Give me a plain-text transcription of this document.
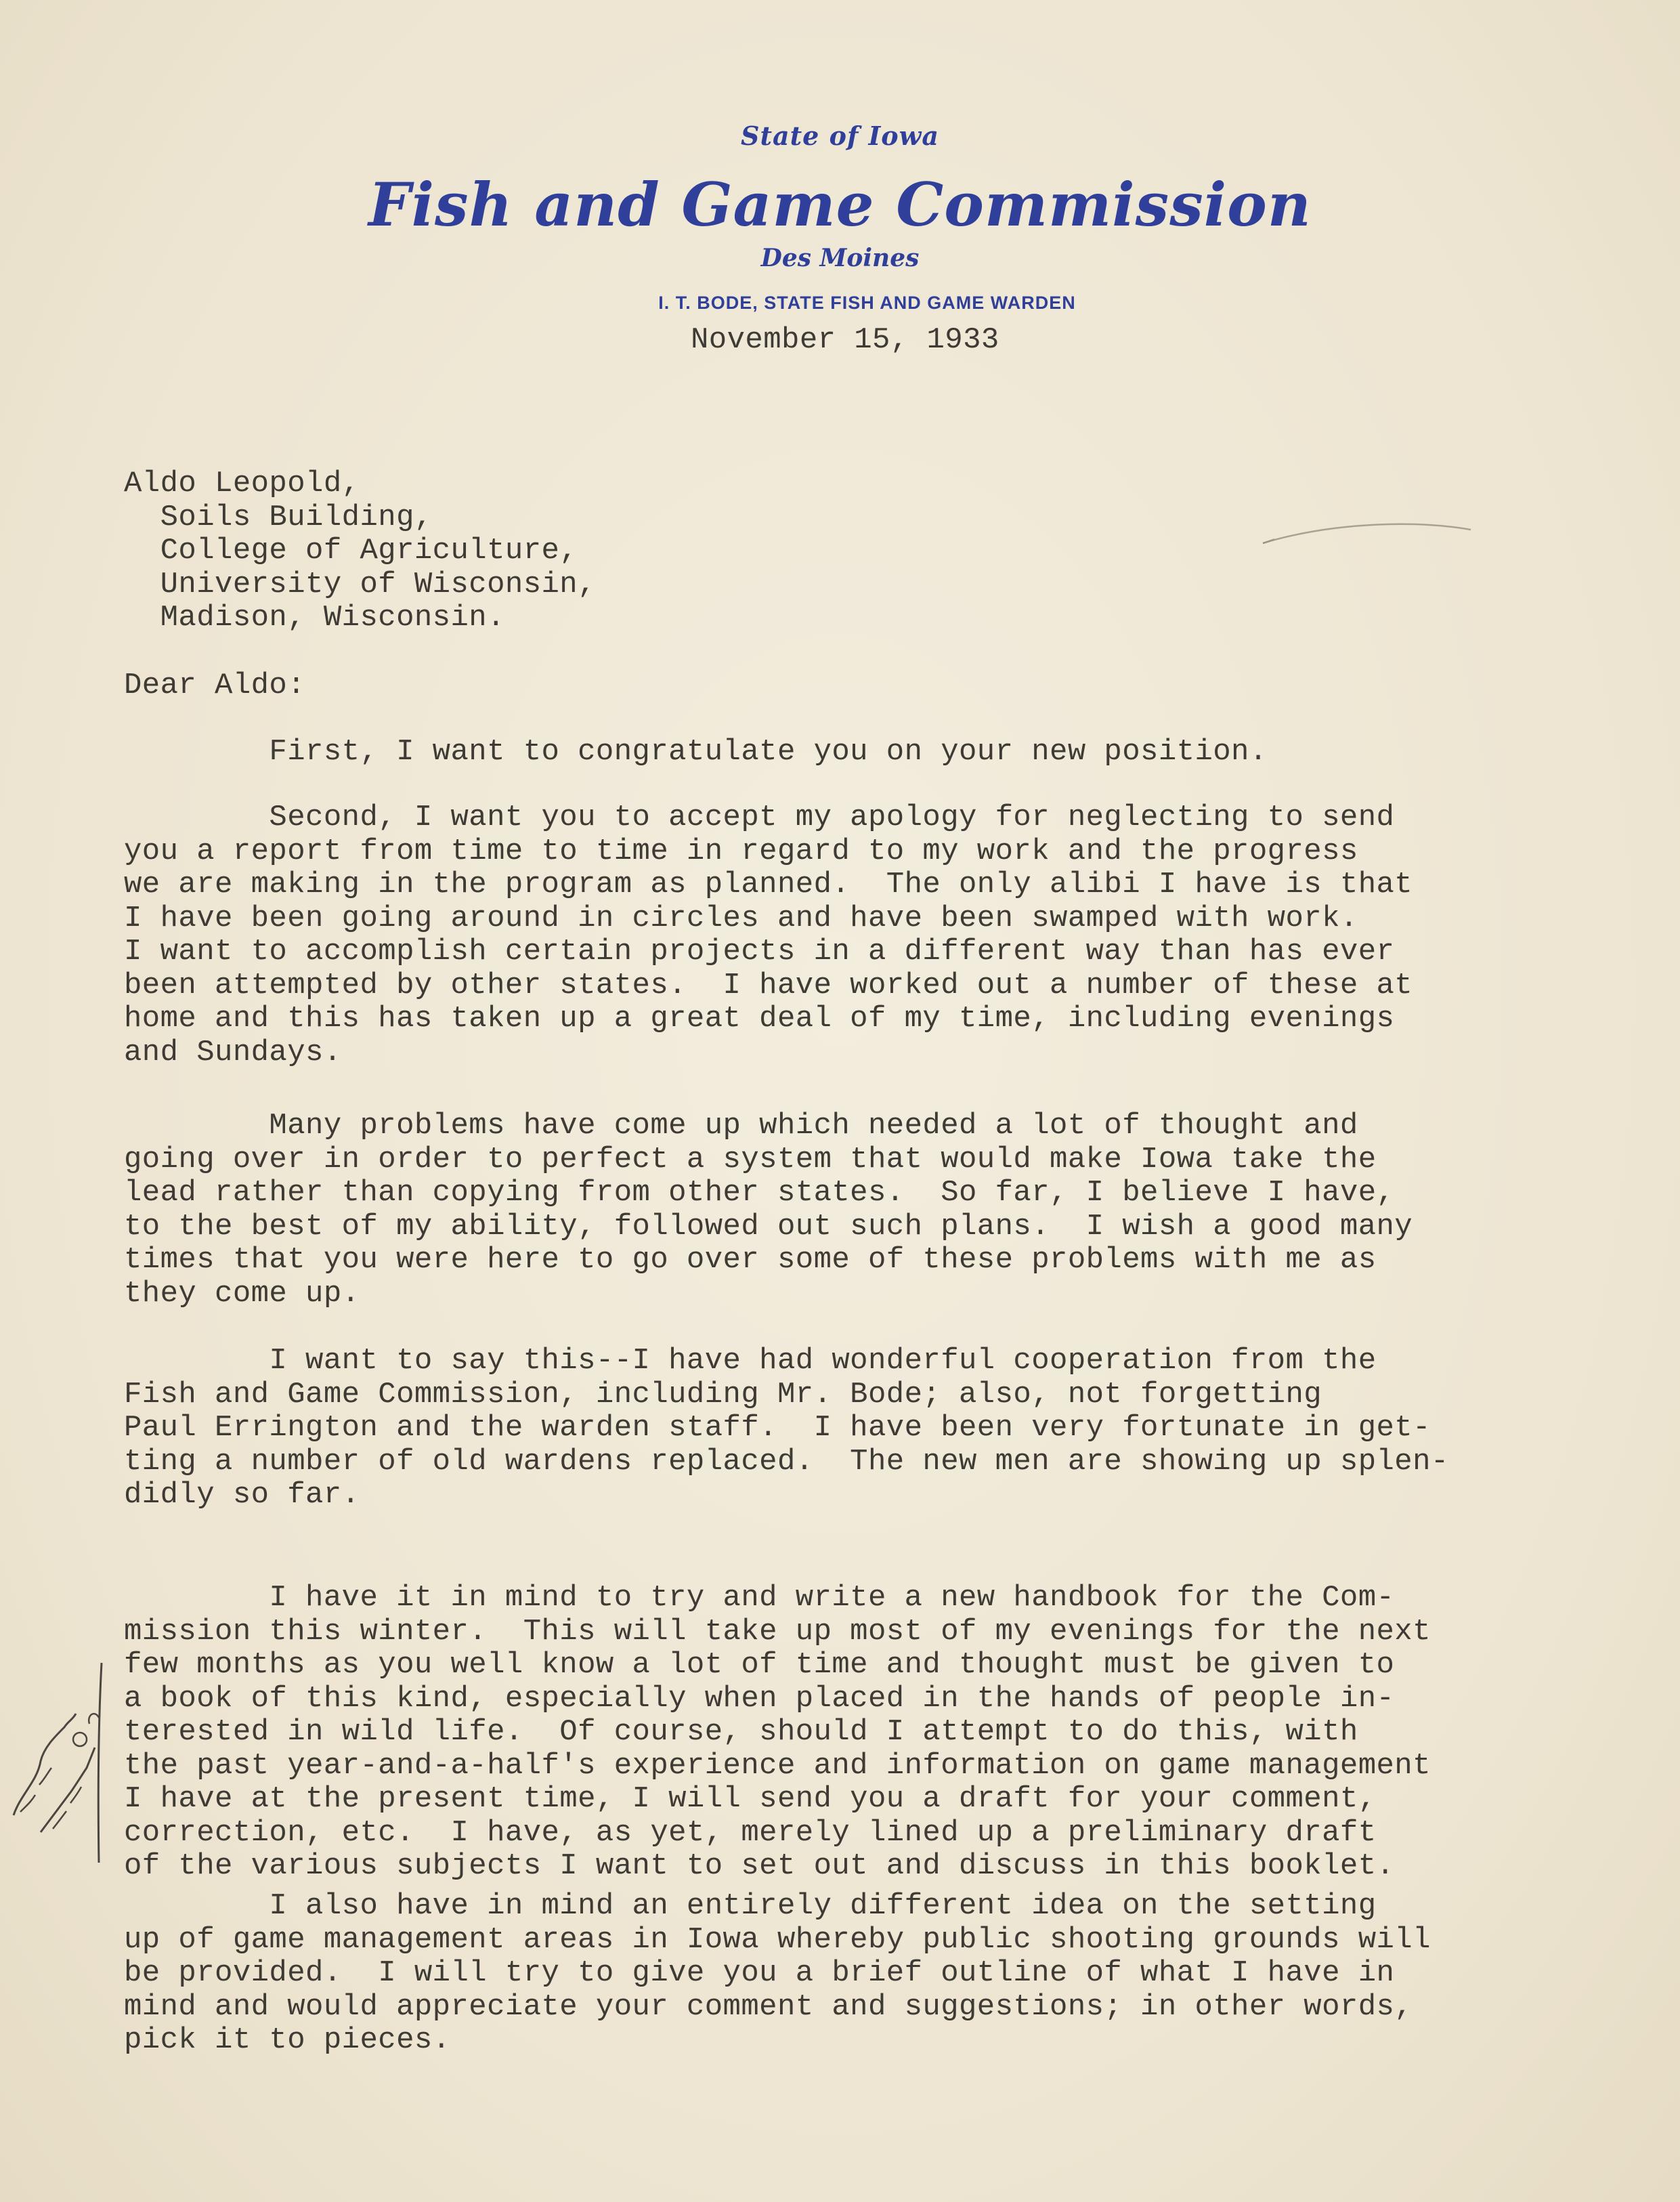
State of Iowa
Fish and Game Commission
Des Moines
I. T. BODE, STATE FISH AND GAME WARDEN
November 15, 1933
Aldo Leopold,
Soils Building,
College of Agriculture,
University of Wisconsin,
Madison, Wisconsin.
Dear Aldo:
First, I want to congratulate you on your new position.
Second, I want you to accept my apology for neglecting to send
you a report from time to time in regard to my work and the progress
we are making in the program as planned.  The only alibi I have is that
I have been going around in circles and have been swamped with work.
I want to accomplish certain projects in a different way than has ever
been attempted by other states.  I have worked out a number of these at
home and this has taken up a great deal of my time, including evenings
and Sundays.
Many problems have come up which needed a lot of thought and
going over in order to perfect a system that would make Iowa take the
lead rather than copying from other states.  So far, I believe I have,
to the best of my ability, followed out such plans.  I wish a good many
times that you were here to go over some of these problems with me as
they come up.
I want to say this--I have had wonderful cooperation from the
Fish and Game Commission, including Mr. Bode; also, not forgetting
Paul Errington and the warden staff.  I have been very fortunate in get-
ting a number of old wardens replaced.  The new men are showing up splen-
didly so far.
I have it in mind to try and write a new handbook for the Com-
mission this winter.  This will take up most of my evenings for the next
few months as you well know a lot of time and thought must be given to
a book of this kind, especially when placed in the hands of people in-
terested in wild life.  Of course, should I attempt to do this, with
the past year-and-a-half's experience and information on game management
I have at the present time, I will send you a draft for your comment,
correction, etc.  I have, as yet, merely lined up a preliminary draft
of the various subjects I want to set out and discuss in this booklet.
I also have in mind an entirely different idea on the setting
up of game management areas in Iowa whereby public shooting grounds will
be provided.  I will try to give you a brief outline of what I have in
mind and would appreciate your comment and suggestions; in other words,
pick it to pieces.
